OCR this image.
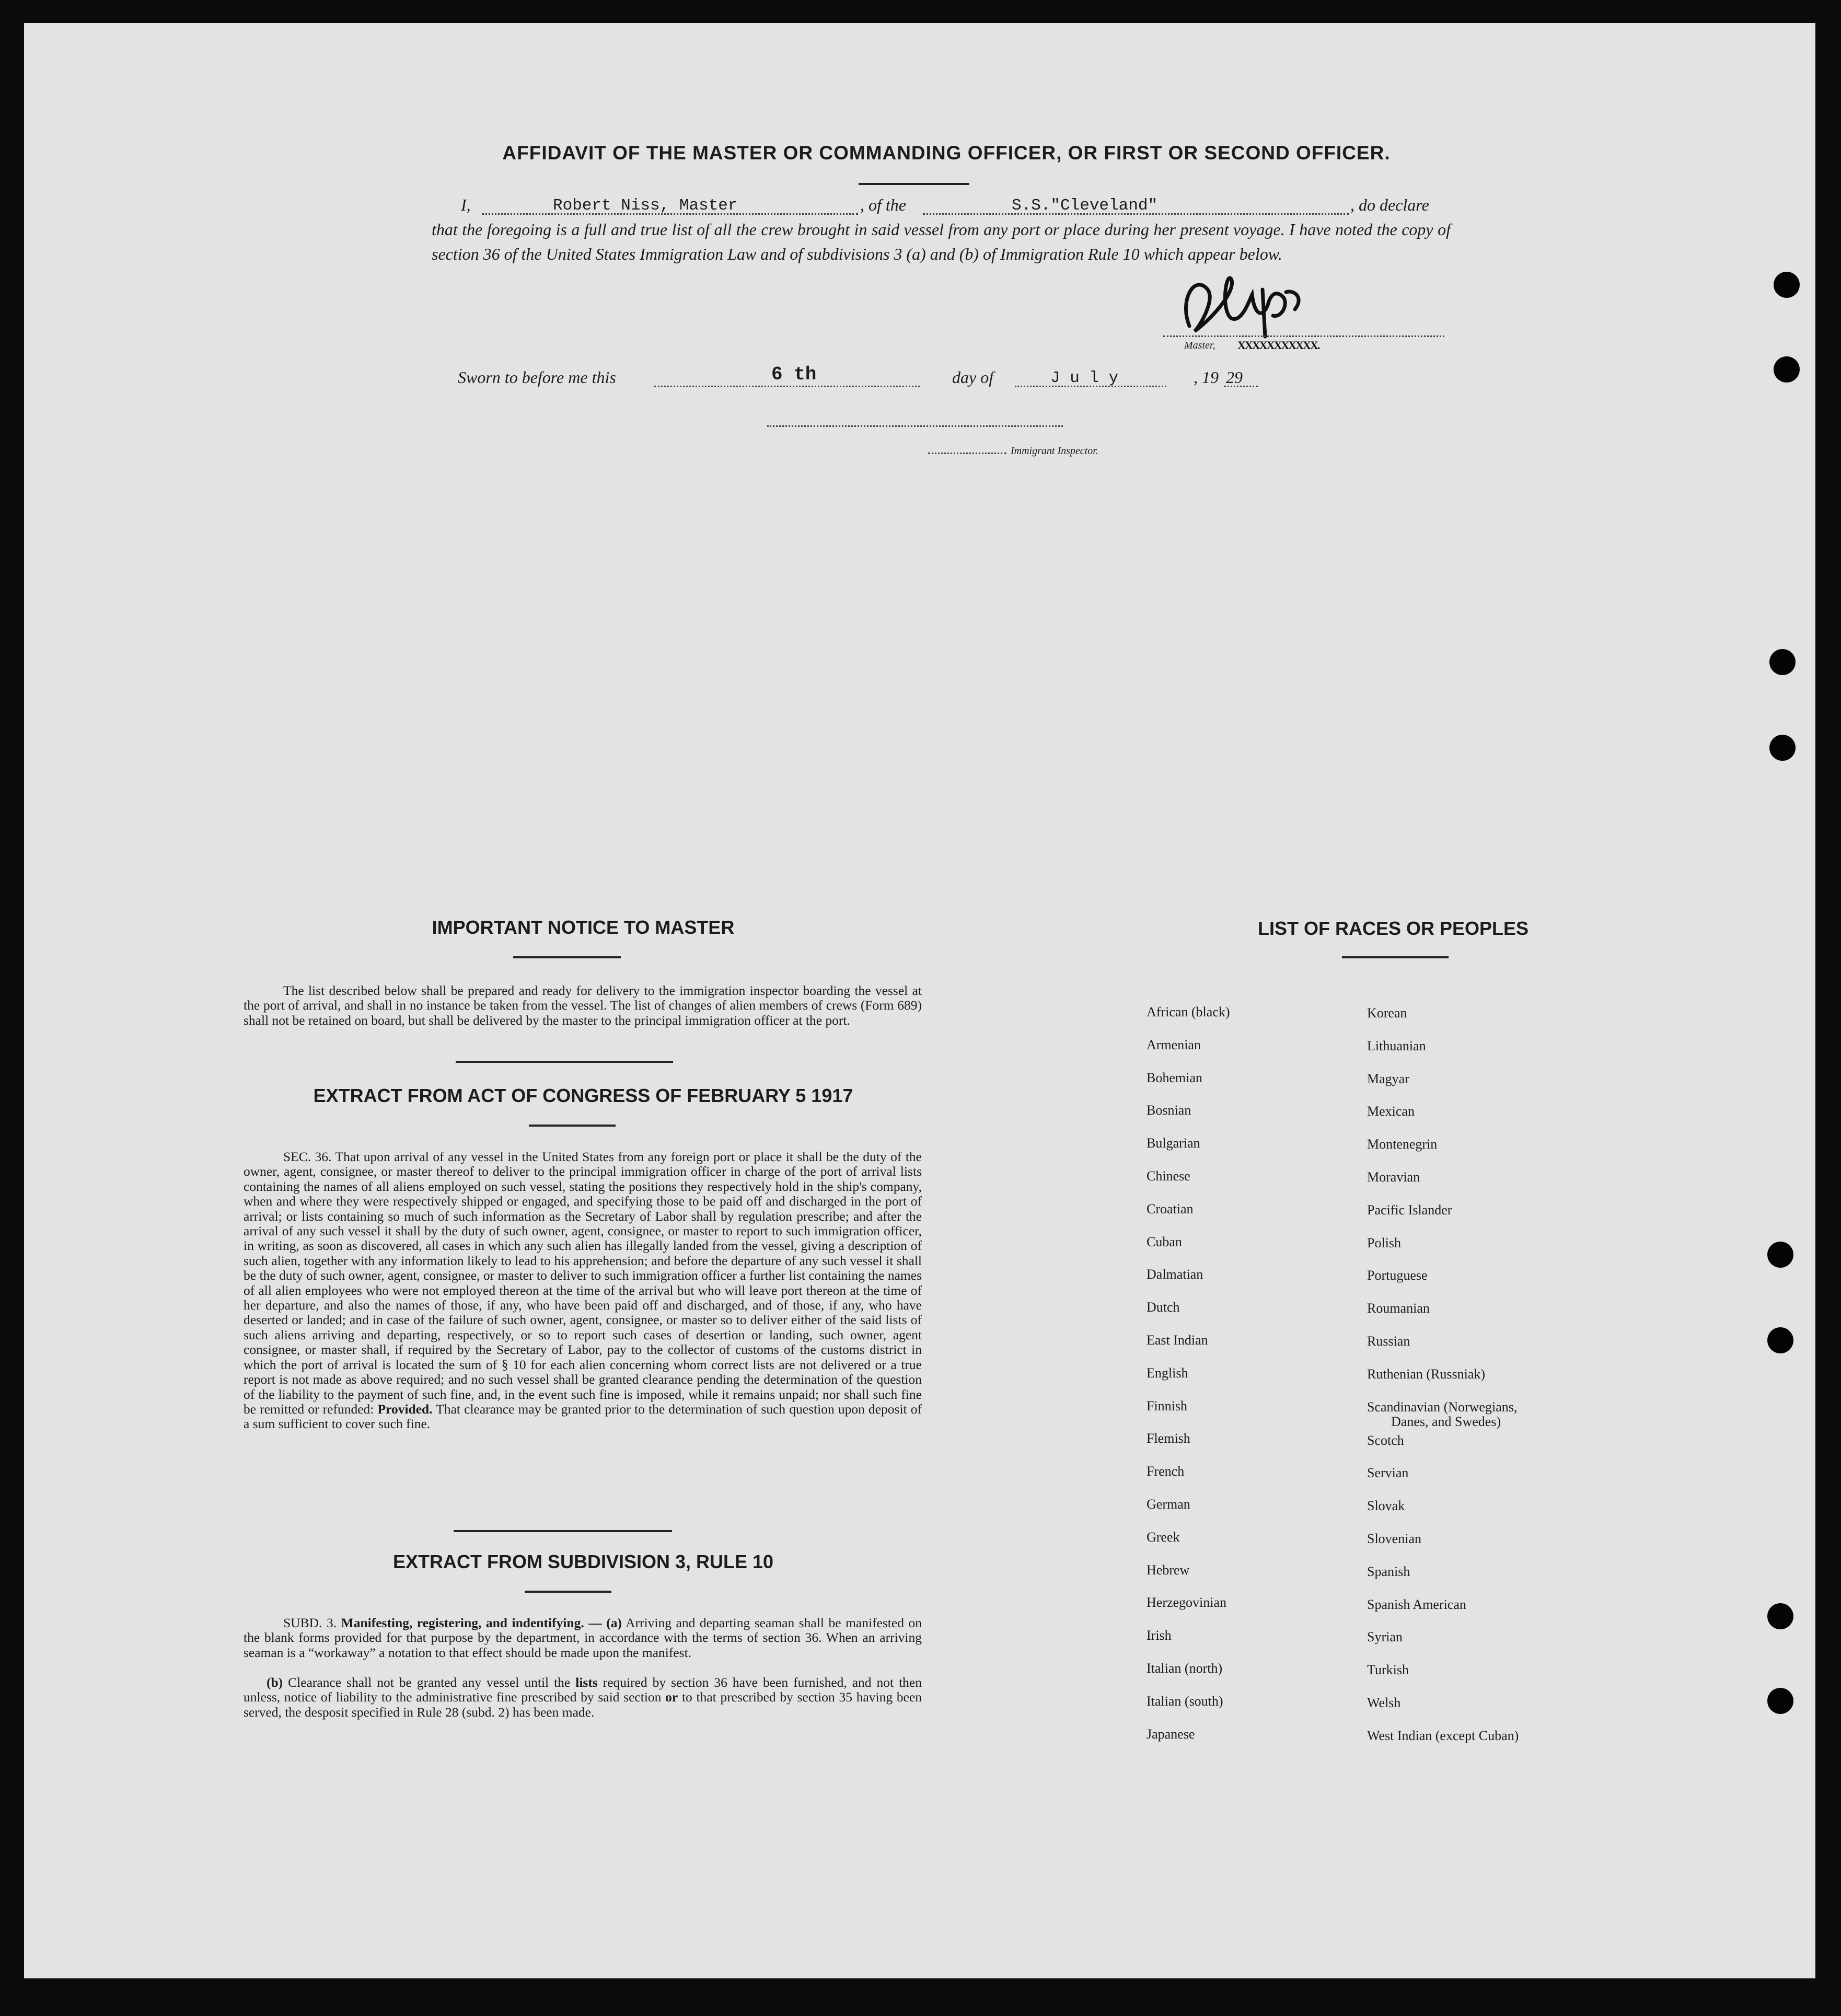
AFFIDAVIT OF THE MASTER OR COMMANDING OFFICER, OR FIRST OR SECOND OFFICER.
I,	Robert Niss, Master	, of the	S.S."Cleveland"	, do declare
that the foregoing is a full and true list of all the crew brought in said vessel from any port or place during her present voyage. I have noted the copy of section 36 of the United States Immigration Law and of subdivisions 3 (a) and (b) of Immigration Rule 10 which appear below.
Master, XXXXXXXXXXX.
Sworn to before me this	6 th	day of	J u l y	, 19 29
Immigrant Inspector.
IMPORTANT NOTICE TO MASTER
The list described below shall be prepared and ready for delivery to the immigration inspector boarding the vessel at the port of arrival, and shall in no instance be taken from the vessel. The list of changes of alien members of crews (Form 689) shall not be retained on board, but shall be delivered by the master to the principal immigration officer at the port.
EXTRACT FROM ACT OF CONGRESS OF FEBRUARY 5 1917
SEC. 36. That upon arrival of any vessel in the United States from any foreign port or place it shall be the duty of the owner, agent, consignee, or master thereof to deliver to the principal immigration officer in charge of the port of arrival lists containing the names of all aliens employed on such vessel, stating the positions they respectively hold in the ship's company, when and where they were respectively shipped or engaged, and specifying those to be paid off and discharged in the port of arrival; or lists containing so much of such information as the Secretary of Labor shall by regulation prescribe; and after the arrival of any such vessel it shall by the duty of such owner, agent, consignee, or master to report to such immigration officer, in writing, as soon as discovered, all cases in which any such alien has illegally landed from the vessel, giving a description of such alien, together with any information likely to lead to his apprehension; and before the departure of any such vessel it shall be the duty of such owner, agent, consignee, or master to deliver to such immigration officer a further list containing the names of all alien employees who were not employed thereon at the time of the arrival but who will leave port thereon at the time of her departure, and also the names of those, if any, who have been paid off and discharged, and of those, if any, who have deserted or landed; and in case of the failure of such owner, agent, consignee, or master so to deliver either of the said lists of such aliens arriving and departing, respectively, or so to report such cases of desertion or landing, such owner, agent consignee, or master shall, if required by the Secretary of Labor, pay to the collector of customs of the customs district in which the port of arrival is located the sum of § 10 for each alien concerning whom correct lists are not delivered or a true report is not made as above required; and no such vessel shall be granted clearance pending the determination of the question of the liability to the payment of such fine, and, in the event such fine is imposed, while it remains unpaid; nor shall such fine be remitted or refunded: Provided. That clearance may be granted prior to the determination of such question upon deposit of a sum sufficient to cover such fine.
EXTRACT FROM SUBDIVISION 3, RULE 10
SUBD. 3. Manifesting, registering, and indentifying. — (a) Arriving and departing seaman shall be manifested on the blank forms provided for that purpose by the department, in accordance with the terms of section 36. When an arriving seaman is a “workaway” a notation to that effect should be made upon the manifest.
(b) Clearance shall not be granted any vessel until the lists required by section 36 have been furnished, and not then unless, notice of liability to the administrative fine prescribed by said section or to that prescribed by section 35 having been served, the desposit specified in Rule 28 (subd. 2) has been made.
LIST OF RACES OR PEOPLES
African (black)
Armenian
Bohemian
Bosnian
Bulgarian
Chinese
Croatian
Cuban
Dalmatian
Dutch
East Indian
English
Finnish
Flemish
French
German
Greek
Hebrew
Herzegovinian
Irish
Italian (north)
Italian (south)
Japanese
Korean
Lithuanian
Magyar
Mexican
Montenegrin
Moravian
Pacific Islander
Polish
Portuguese
Roumanian
Russian
Ruthenian (Russniak)
Scandinavian (Norwegians,
Danes, and Swedes)
Scotch
Servian
Slovak
Slovenian
Spanish
Spanish American
Syrian
Turkish
Welsh
West Indian (except Cuban)
